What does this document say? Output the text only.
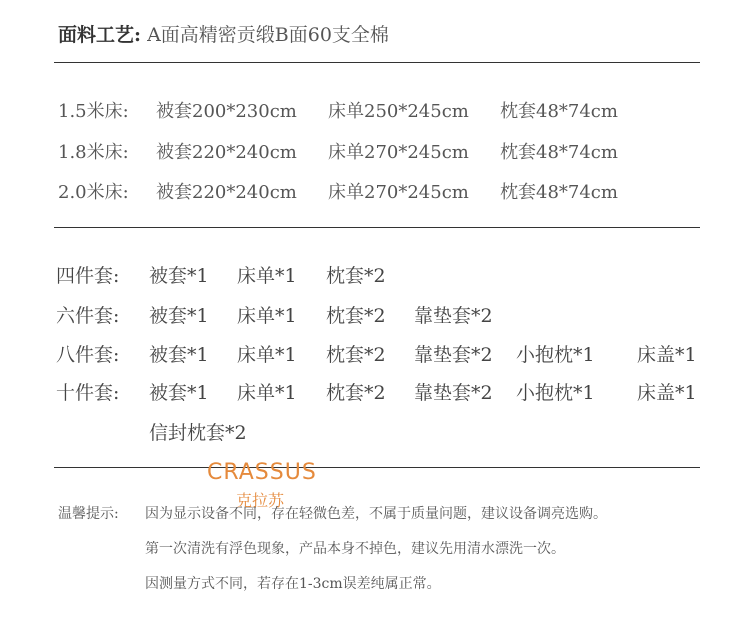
面料工艺: A面高精密贡缎B面60支全棉
1.5米床: 被套200*230cm 床单250*245cm 枕套48*74cm
1.8米床: 被套220*240cm 床单270*245cm 枕套48*74cm
2.0米床: 被套220*240cm 床单270*245cm 枕套48*74cm
四件套: 被套*1 床单*1 枕套*2
六件套: 被套*1 床单*1 枕套*2 靠垫套*2
八件套: 被套*1 床单*1 枕套*2 靠垫套*2 小抱枕*1 床盖*1
十件套: 被套*1 床单*1 枕套*2 靠垫套*2 小抱枕*1 床盖*1
信封枕套*2
CRASSUS
克拉苏
温馨提示: 因为显示设备不同，存在轻微色差，不属于质量问题，建议设备调亮选购。
第一次清洗有浮色现象，产品本身不掉色，建议先用清水漂洗一次。
因测量方式不同，若存在1-3cm误差纯属正常。
